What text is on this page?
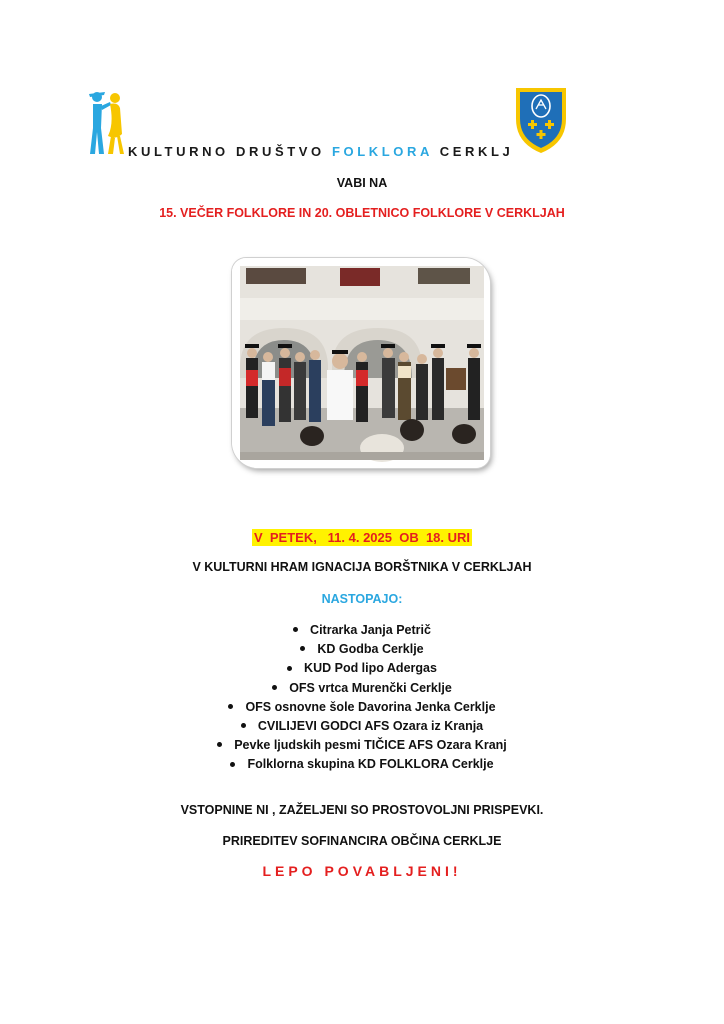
KULTURNO DRUŠTVO FOLKLORA CERKLJ
VABI NA
15. VEČER FOLKLORE IN 20. OBLETNICO FOLKLORE V CERKLJAH
V  PETEK,   11. 4. 2025  OB  18. URI
V KULTURNI HRAM IGNACIJA BORŠTNIKA V CERKLJAH
NASTOPAJO:
Citrarka Janja Petrič
KD Godba Cerklje
KUD Pod lipo Adergas
OFS vrtca Murenčki Cerklje
OFS osnovne šole Davorina Jenka Cerklje
CVILIJEVI GODCI AFS Ozara iz Kranja
Pevke ljudskih pesmi TIČICE AFS Ozara Kranj
Folklorna skupina KD FOLKLORA Cerklje
VSTOPNINE NI , ZAŽELJENI SO PROSTOVOLJNI PRISPEVKI.
PRIREDITEV SOFINANCIRA OBČINA CERKLJE
LEPO POVABLJENI!
